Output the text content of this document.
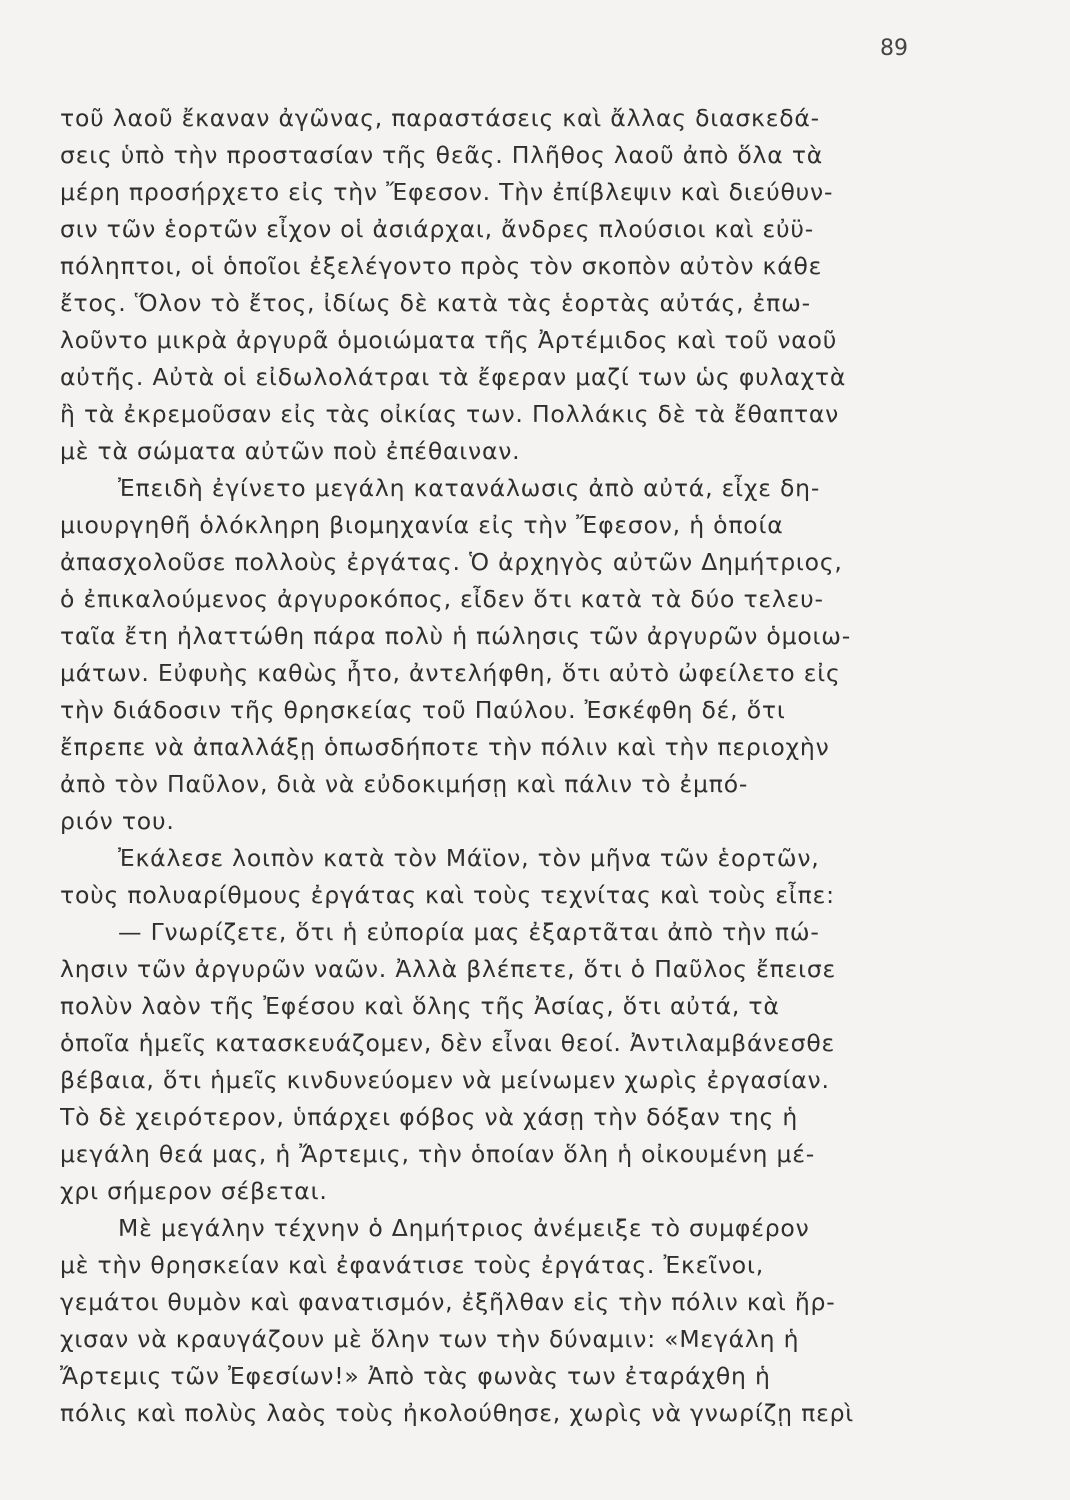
89
τοῦ λαοῦ ἔκαναν ἀγῶνας, παραστάσεις καὶ ἄλλας διασκεδά-
σεις ὑπὸ τὴν προστασίαν τῆς θεᾶς. Πλῆθος λαοῦ ἀπὸ ὅλα τὰ
μέρη προσήρχετο εἰς τὴν Ἔφεσον. Τὴν ἐπίβλεψιν καὶ διεύθυν-
σιν τῶν ἑορτῶν εἶχον οἱ ἀσιάρχαι, ἄνδρες πλούσιοι καὶ εὐϋ-
πόληπτοι, οἱ ὁποῖοι ἐξελέγοντο πρὸς τὸν σκοπὸν αὐτὸν κάθε
ἔτος. Ὅλον τὸ ἔτος, ἰδίως δὲ κατὰ τὰς ἑορτὰς αὐτάς, ἐπω-
λοῦντο μικρὰ ἀργυρᾶ ὁμοιώματα τῆς Ἀρτέμιδος καὶ τοῦ ναοῦ
αὐτῆς. Αὐτὰ οἱ εἰδωλολάτραι τὰ ἔφεραν μαζί των ὡς φυλαχτὰ
ἢ τὰ ἐκρεμοῦσαν εἰς τὰς οἰκίας των. Πολλάκις δὲ τὰ ἔθαπταν
μὲ τὰ σώματα αὐτῶν ποὺ ἐπέθαιναν.
Ἐπειδὴ ἐγίνετο μεγάλη κατανάλωσις ἀπὸ αὐτά, εἶχε δη-
μιουργηθῆ ὁλόκληρη βιομηχανία εἰς τὴν Ἔφεσον, ἡ ὁποία
ἀπασχολοῦσε πολλοὺς ἐργάτας. Ὁ ἀρχηγὸς αὐτῶν Δημήτριος,
ὁ ἐπικαλούμενος ἀργυροκόπος, εἶδεν ὅτι κατὰ τὰ δύο τελευ-
ταῖα ἔτη ἠλαττώθη πάρα πολὺ ἡ πώλησις τῶν ἀργυρῶν ὁμοιω-
μάτων. Εὐφυὴς καθὼς ἦτο, ἀντελήφθη, ὅτι αὐτὸ ὠφείλετο εἰς
τὴν διάδοσιν τῆς θρησκείας τοῦ Παύλου. Ἐσκέφθη δέ, ὅτι
ἔπρεπε νὰ ἀπαλλάξῃ ὁπωσδήποτε τὴν πόλιν καὶ τὴν περιοχὴν
ἀπὸ τὸν Παῦλον, διὰ νὰ εὐδοκιμήσῃ καὶ πάλιν τὸ ἐμπό-
ριόν του.
Ἐκάλεσε λοιπὸν κατὰ τὸν Μάϊον, τὸν μῆνα τῶν ἑορτῶν,
τοὺς πολυαρίθμους ἐργάτας καὶ τοὺς τεχνίτας καὶ τοὺς εἶπε:
— Γνωρίζετε, ὅτι ἡ εὐπορία μας ἐξαρτᾶται ἀπὸ τὴν πώ-
λησιν τῶν ἀργυρῶν ναῶν. Ἀλλὰ βλέπετε, ὅτι ὁ Παῦλος ἔπεισε
πολὺν λαὸν τῆς Ἐφέσου καὶ ὅλης τῆς Ἀσίας, ὅτι αὐτά, τὰ
ὁποῖα ἡμεῖς κατασκευάζομεν, δὲν εἶναι θεοί. Ἀντιλαμβάνεσθε
βέβαια, ὅτι ἡμεῖς κινδυνεύομεν νὰ μείνωμεν χωρὶς ἐργασίαν.
Τὸ δὲ χειρότερον, ὑπάρχει φόβος νὰ χάσῃ τὴν δόξαν της ἡ
μεγάλη θεά μας, ἡ Ἄρτεμις, τὴν ὁποίαν ὅλη ἡ οἰκουμένη μέ-
χρι σήμερον σέβεται.
Μὲ μεγάλην τέχνην ὁ Δημήτριος ἀνέμειξε τὸ συμφέρον
μὲ τὴν θρησκείαν καὶ ἐφανάτισε τοὺς ἐργάτας. Ἐκεῖνοι,
γεμάτοι θυμὸν καὶ φανατισμόν, ἐξῆλθαν εἰς τὴν πόλιν καὶ ἤρ-
χισαν νὰ κραυγάζουν μὲ ὅλην των τὴν δύναμιν: «Μεγάλη ἡ
Ἄρτεμις τῶν Ἐφεσίων!» Ἀπὸ τὰς φωνὰς των ἐταράχθη ἡ
πόλις καὶ πολὺς λαὸς τοὺς ἠκολούθησε, χωρὶς νὰ γνωρίζῃ περὶ
